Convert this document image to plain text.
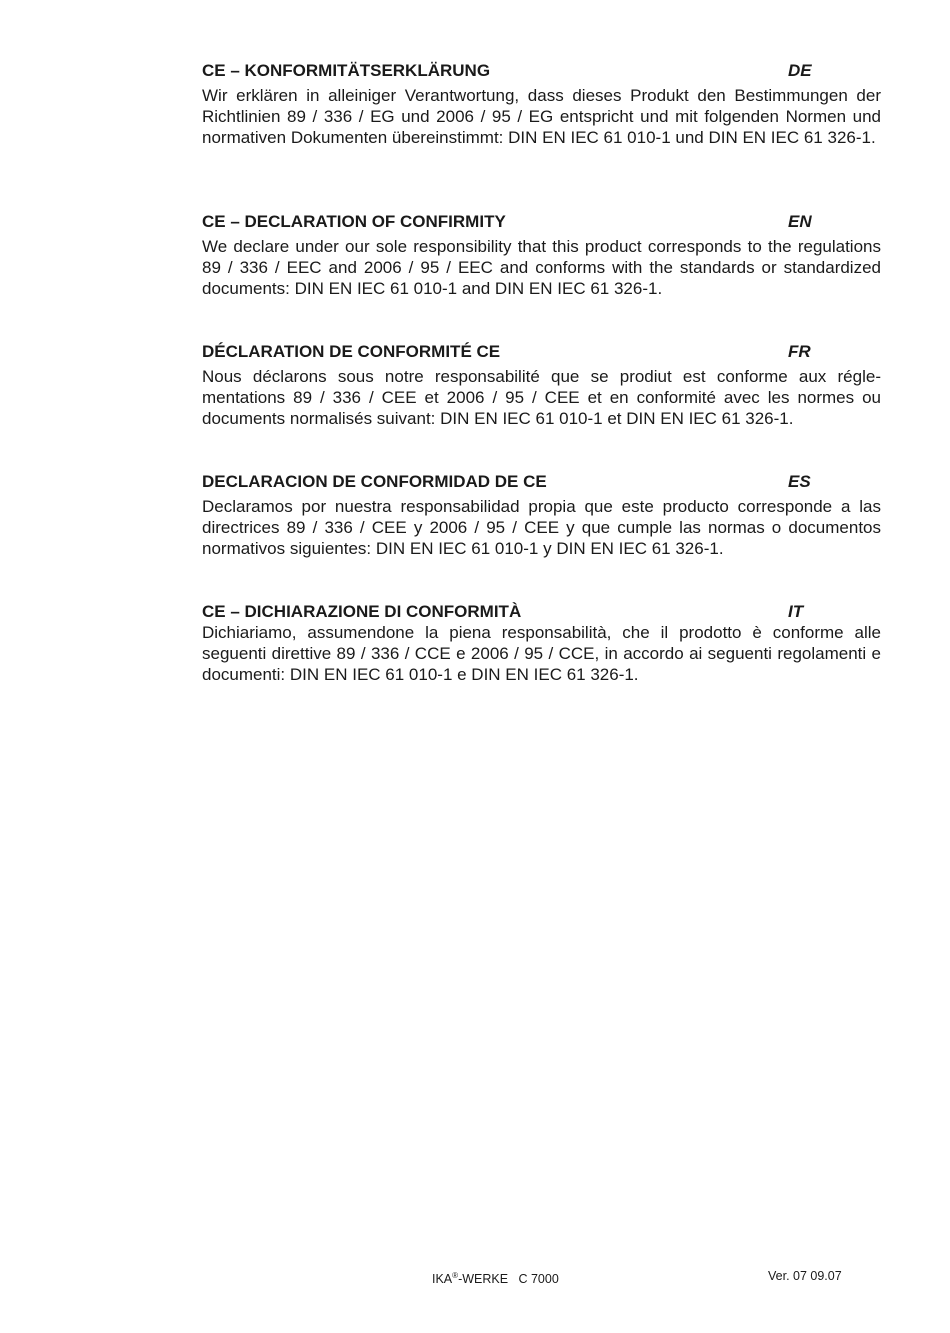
CE – KONFORMITÄTSERKLÄRUNG	DE
Wir erklären in alleiniger Verantwortung, dass dieses Produkt den Bestimmungen der Richtlinien 89 / 336 / EG und 2006 / 95 / EG entspricht und mit folgenden Normen und normativen Dokumenten übereinstimmt: DIN EN IEC 61 010-1 und DIN EN IEC 61 326-1.
CE – DECLARATION OF CONFIRMITY	EN
We declare under our sole responsibility that this product corresponds to the regulations 89 / 336 / EEC and 2006 / 95 / EEC and conforms with the standards or standardized documents: DIN EN IEC 61 010-1 and DIN EN IEC 61 326-1.
DÉCLARATION DE CONFORMITÉ CE	FR
Nous déclarons sous notre responsabilité que se prodiut est conforme aux réglementations 89 / 336 / CEE et 2006 / 95 / CEE et en conformité avec les normes ou documents normalisés suivant: DIN EN IEC 61 010-1 et DIN EN IEC 61 326-1.
DECLARACION DE CONFORMIDAD DE CE	ES
Declaramos por nuestra responsabilidad propia que este producto corresponde a las directrices 89 / 336 / CEE y 2006 / 95 / CEE y que cumple las normas o documentos normativos siguientes: DIN EN IEC 61 010-1 y DIN EN IEC 61 326-1.
CE – DICHIARAZIONE DI CONFORMITÀ	IT
Dichiariamo, assumendone la piena responsabilità, che il prodotto è conforme alle seguenti direttive 89 / 336 / CCE e 2006 / 95 / CCE, in accordo ai seguenti regolamenti e documenti: DIN EN IEC 61 010-1 e DIN EN IEC 61 326-1.
IKA®-WERKE C 7000	Ver. 07 09.07
